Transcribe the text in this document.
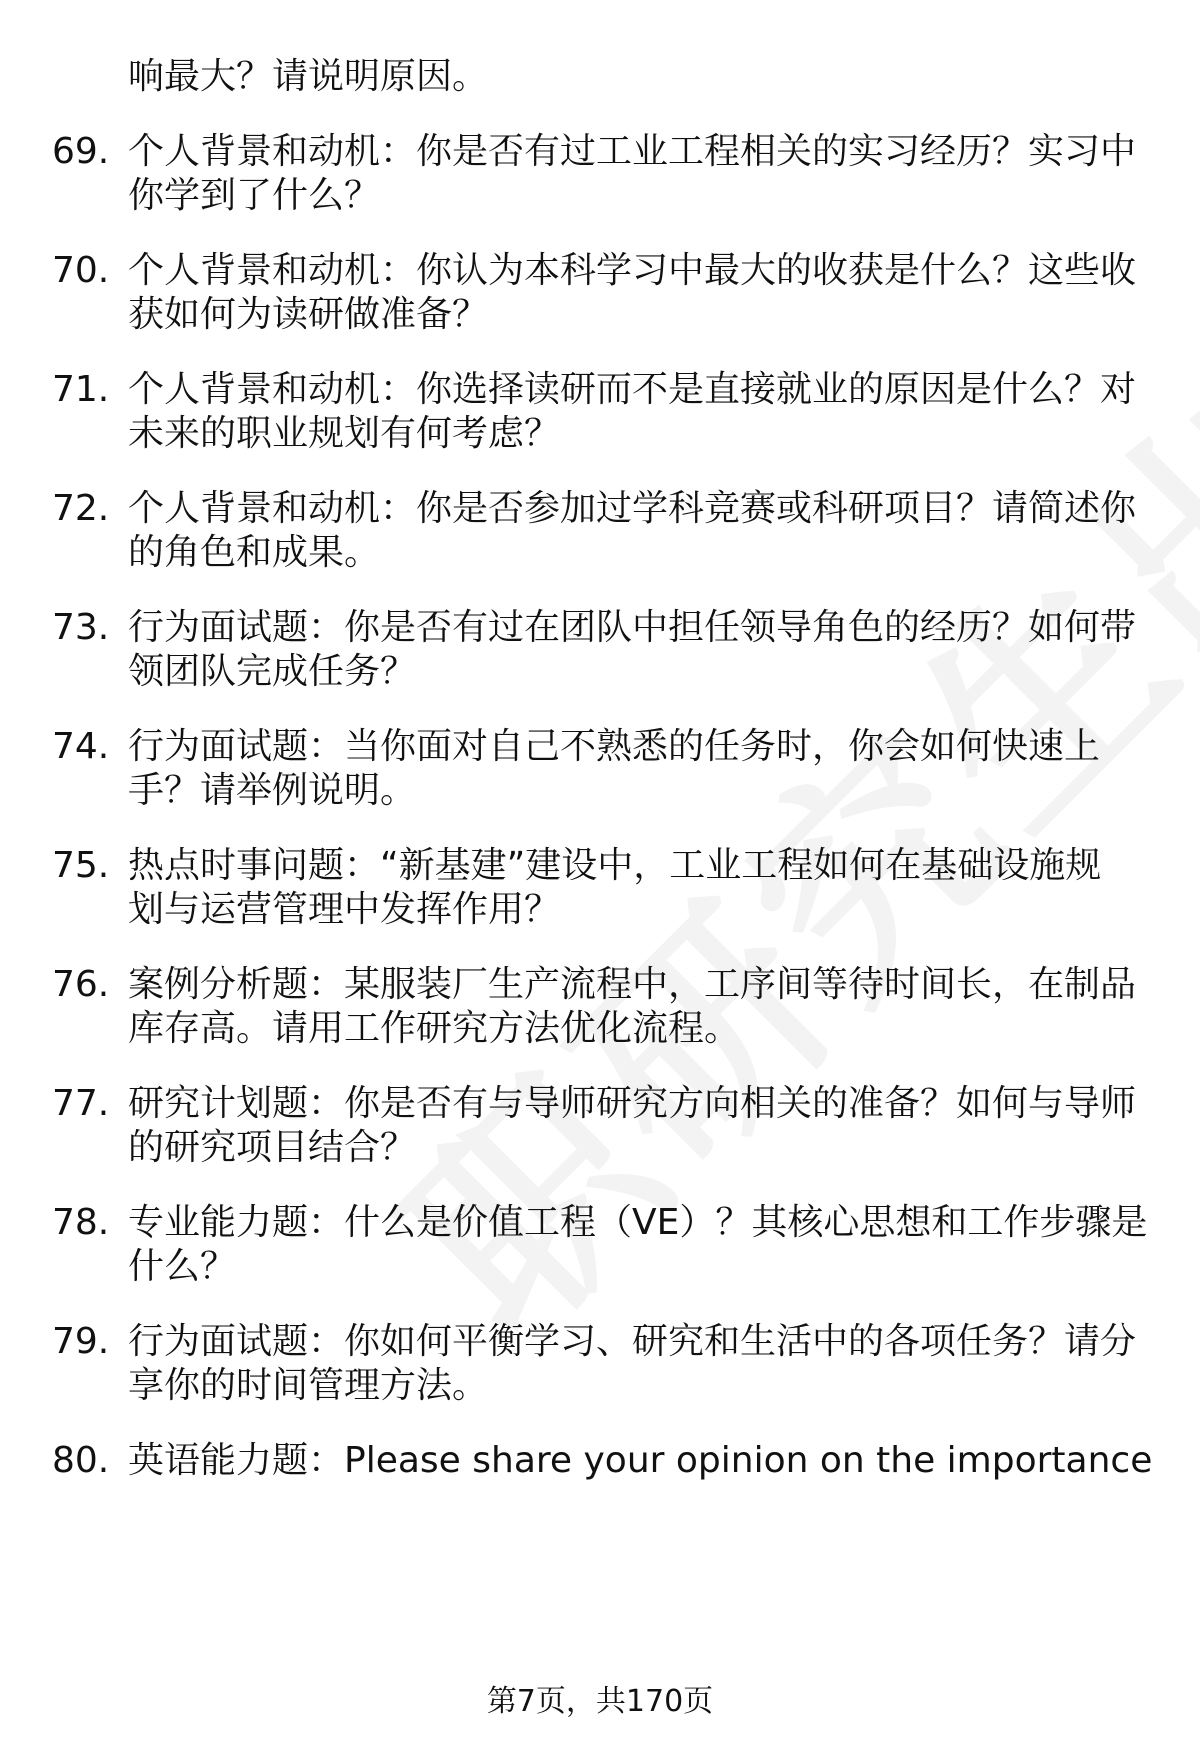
响最大？请说明原因。
69. 个人背景和动机：你是否有过工业工程相关的实习经历？实习中
你学到了什么？
70. 个人背景和动机：你认为本科学习中最大的收获是什么？这些收
获如何为读研做准备？
71. 个人背景和动机：你选择读研而不是直接就业的原因是什么？对
未来的职业规划有何考虑？
72. 个人背景和动机：你是否参加过学科竞赛或科研项目？请简述你
的角色和成果。
73. 行为面试题：你是否有过在团队中担任领导角色的经历？如何带
领团队完成任务？
74. 行为面试题：当你面对自己不熟悉的任务时，你会如何快速上
手？请举例说明。
75. 热点时事问题：“新基建”建设中，工业工程如何在基础设施规
划与运营管理中发挥作用？
76. 案例分析题：某服装厂生产流程中，工序间等待时间长，在制品
库存高。请用工作研究方法优化流程。
77. 研究计划题：你是否有与导师研究方向相关的准备？如何与导师
的研究项目结合？
78. 专业能力题：什么是价值工程（VE）？其核心思想和工作步骤是
什么？
79. 行为面试题：你如何平衡学习、研究和生活中的各项任务？请分
享你的时间管理方法。
80. 英语能力题：Please share your opinion on the importance
第7页，共170页
